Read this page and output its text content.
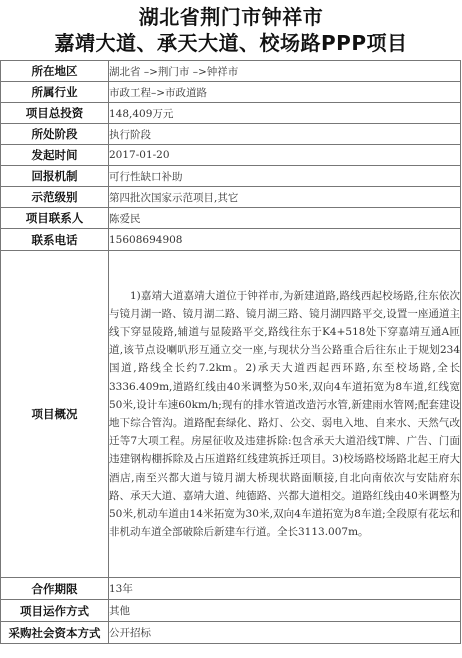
湖北省荆门市钟祥市
嘉靖大道、承天大道、校场路PPP项目
所在地区	湖北省 –>荆门市 –>钟祥市
所属行业	市政工程–>市政道路
项目总投资	148,409万元
所处阶段	执行阶段
发起时间	2017-01-20
回报机制	可行性缺口补助
示范级别	第四批次国家示范项目,其它
项目联系人	陈爱民
联系电话	15608694908
项目概况	1)嘉靖大道嘉靖大道位于钟祥市,为新建道路,路线西起校场路,往东依次与镜月湖一路、镜月湖二路、镜月湖三路、镜月湖四路平交,设置一座通道主线下穿显陵路,辅道与显陵路平交,路线往东于K4+518处下穿嘉靖互通A匝道,该节点设喇叭形互通立交一座,与现状分当公路重合后往东止于规划234国道,路线全长约7.2km。2)承天大道西起西环路,东至校场路,全长3336.409m,道路红线由40米调整为50米,双向4车道拓宽为8车道,红线宽50米,设计车速60km/h;现有的排水管道改造污水管,新建雨水管网;配套建设地下综合管沟。道路配套绿化、路灯、公交、弱电入地、自来水、天然气改迁等7大项工程。房屋征收及违建拆除:包含承天大道沿线T牌、广告、门面违建钢构棚拆除及占压道路红线建筑拆迁项目。3)校场路校场路北起王府大酒店,南至兴都大道与镜月湖大桥现状路面顺接,自北向南依次与安陆府东路、承天大道、嘉靖大道、纯德路、兴都大道相交。道路红线由40米调整为50米,机动车道由14米拓宽为30米,双向4车道拓宽为8车道;全段原有花坛和非机动车道全部破除后新建车行道。全长3113.007m。

合作期限	13年
项目运作方式	其他
采购社会资本方式	公开招标
